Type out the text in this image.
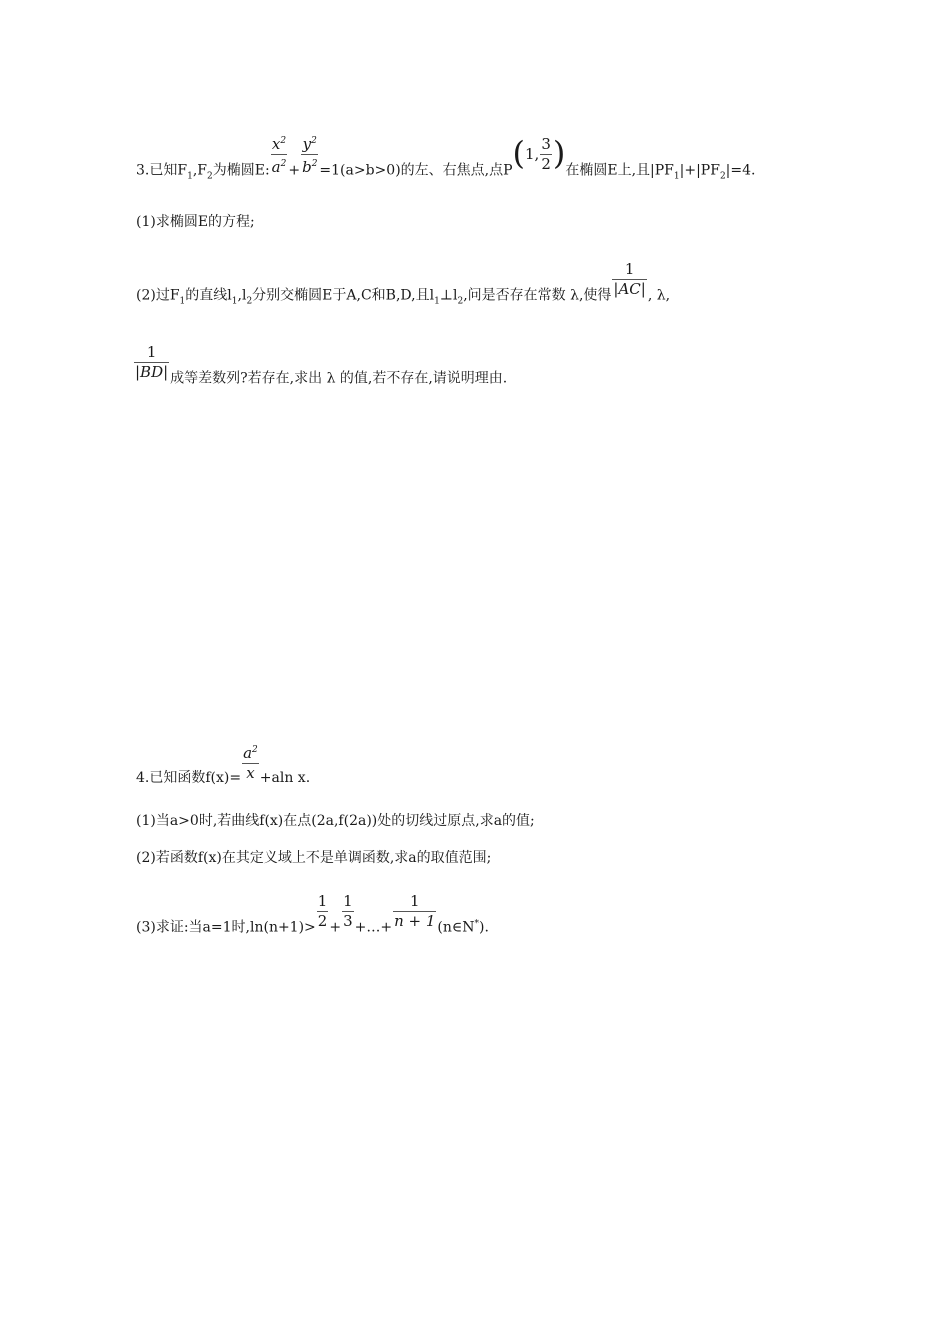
3.已知$F_1,F_2$为椭圆E: $\frac{x^2}{a^2} + \frac{y^2}{b^2} =1(a>b>0)$的左、右焦点,点P(1, $\frac{3}{2}$ )在椭圆E上,且$|PF_1|+|PF_2|=4$.
(1)求椭圆E的方程;
(2)过$F_1$的直线$l_1,l_2$分别交椭圆E于A,C和B,D,且$l_1\perp l_2$,问是否存在常数 λ,使得 $\frac{1}{|AC|}$ , λ,
$\frac{1}{|BD|}$ 成等差数列?若存在,求出 λ 的值,若不存在,请说明理由.
4.已知函数$f(x)= \frac{a^2}{x} +aln$ x.
(1)当a>0时,若曲线f(x)在点(2a,f(2a))处的切线过原点,求a的值;
(2)若函数f(x)在其定义域上不是单调函数,求a的取值范围;
(3)求证:当a=1时$,\ln(n+1)> \frac{1}{2} + \frac{1}{3}$ +…+ $\frac{1}{n + 1}$ (n∈N*).
